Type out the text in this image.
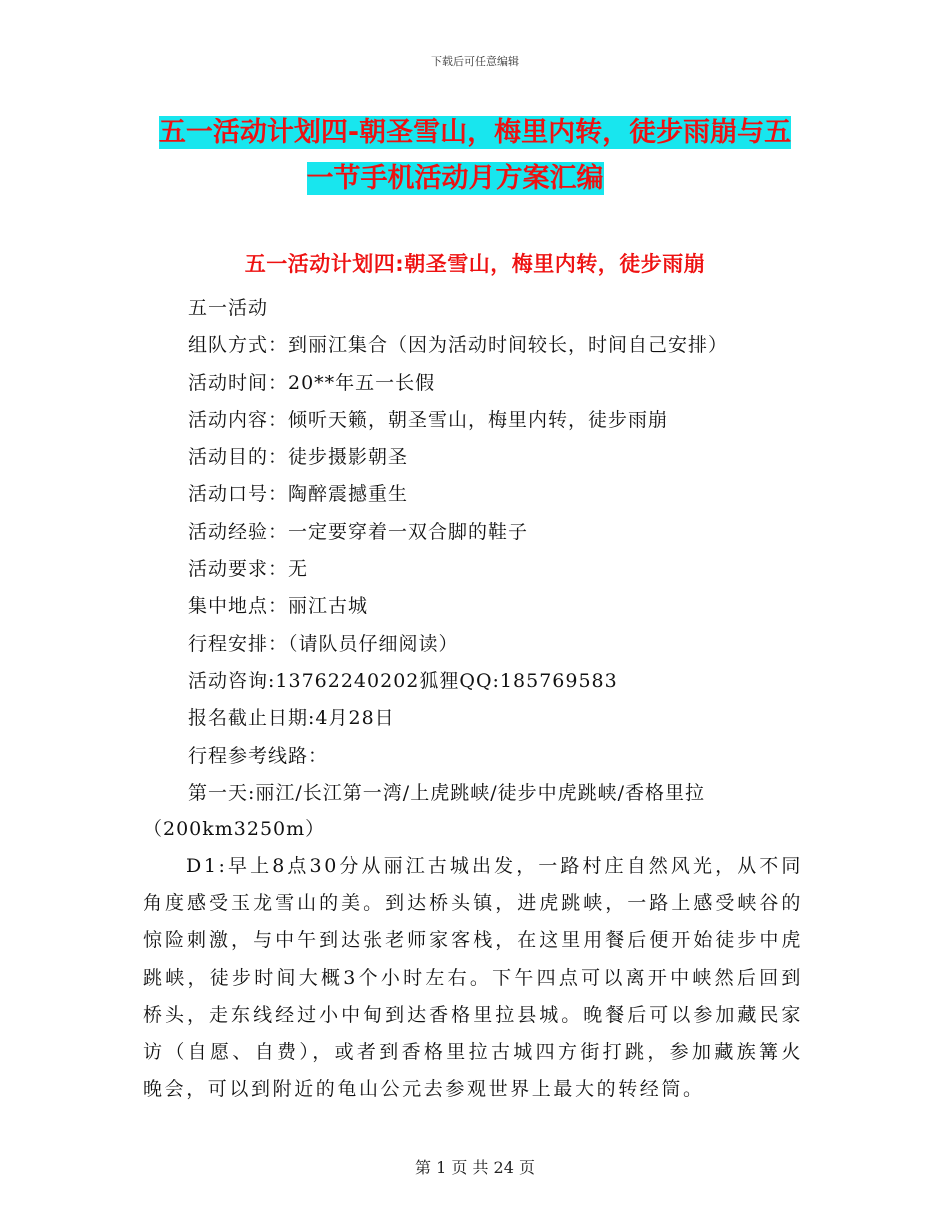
下载后可任意编辑
五一活动计划四-朝圣雪山，梅里内转，徒步雨崩与五
一节手机活动月方案汇编
五一活动计划四:朝圣雪山，梅里内转，徒步雨崩
五一活动
组队方式：到丽江集合（因为活动时间较长，时间自己安排）
活动时间：20**年五一长假
活动内容：倾听天籁，朝圣雪山，梅里内转，徒步雨崩
活动目的：徒步摄影朝圣
活动口号：陶醉震撼重生
活动经验：一定要穿着一双合脚的鞋子
活动要求：无
集中地点：丽江古城
行程安排：（请队员仔细阅读）
活动咨询:13762240202狐狸QQ:185769583
报名截止日期:4月28日
行程参考线路：
第一天:丽江/长江第一湾/上虎跳峡/徒步中虎跳峡/香格里拉
（200km3250m）
D1:早上8点30分从丽江古城出发，一路村庄自然风光，从不同角度感受玉龙雪山的美。到达桥头镇，进虎跳峡，一路上感受峡谷的惊险刺激，与中午到达张老师家客栈，在这里用餐后便开始徒步中虎跳峡，徒步时间大概3个小时左右。下午四点可以离开中峡然后回到桥头，走东线经过小中甸到达香格里拉县城。晚餐后可以参加藏民家访（自愿、自费），或者到香格里拉古城四方街打跳，参加藏族篝火晚会，可以到附近的龟山公元去参观世界上最大的转经筒。
第 1 页 共 24 页
